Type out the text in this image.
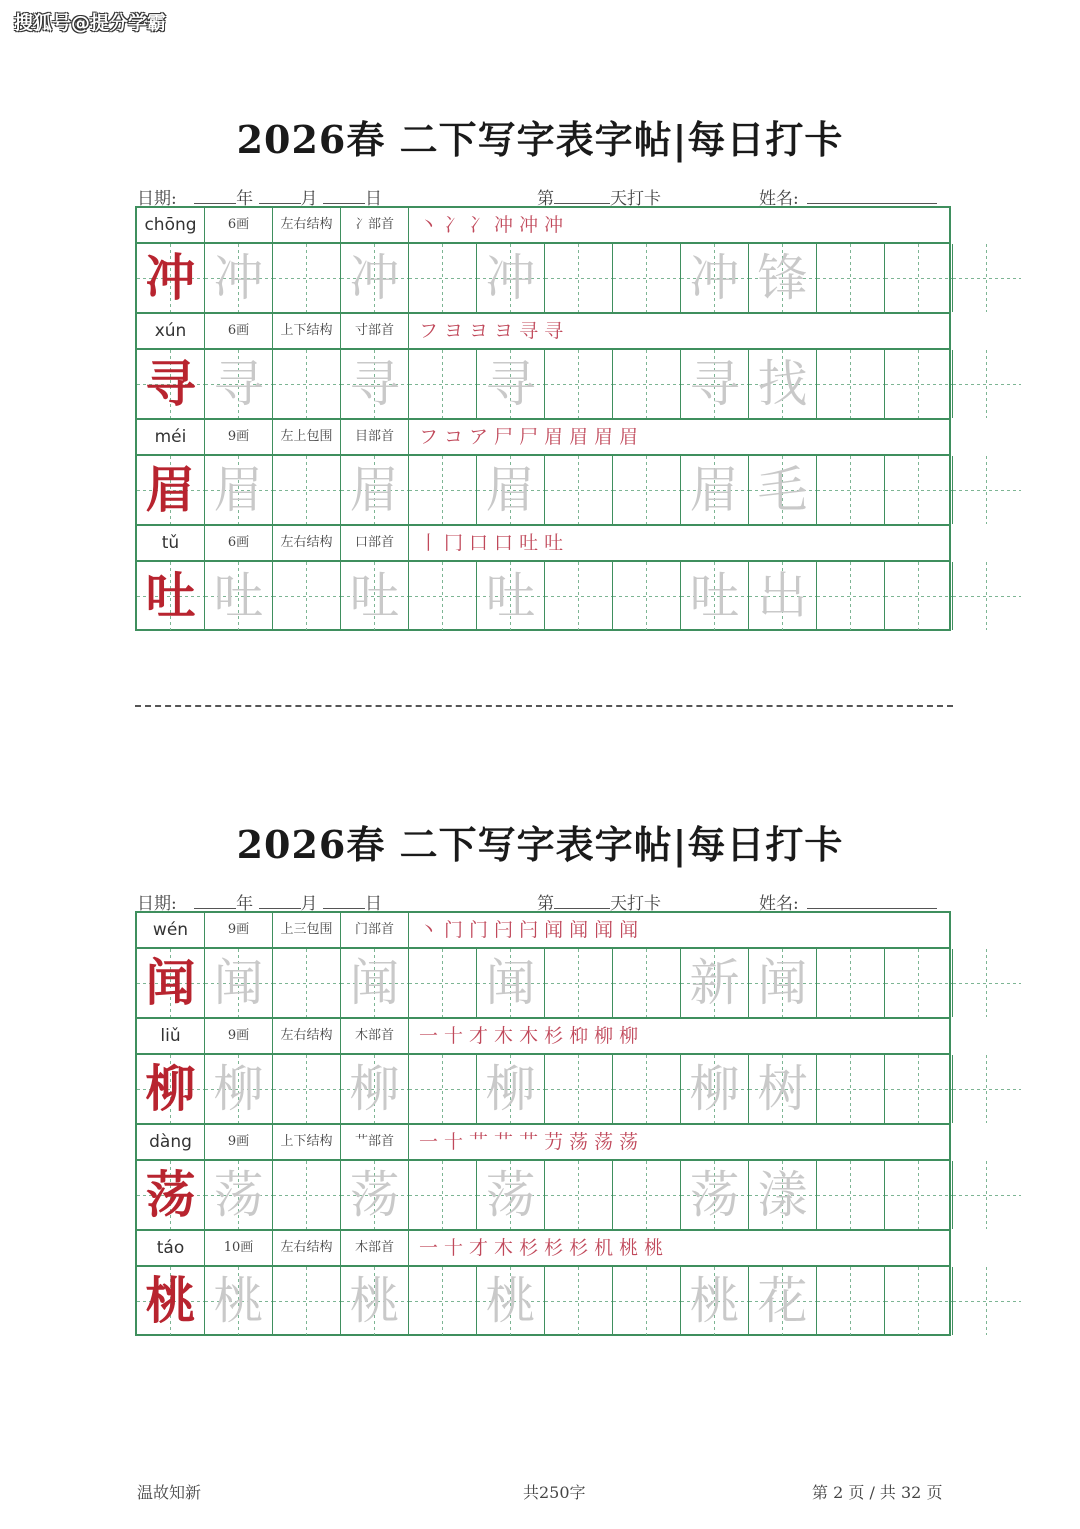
搜狐号@提分学霸
2026春 二下写字表字帖|每日打卡
日期:	年	月	日	第	天打卡	姓名:
chōng	6画	左右结构	冫部首	丶 冫 冫 冲 冲 冲
冲 冲 冲 冲	冲 锋
xún	6画	上下结构	寸部首	フ ヨ ヨ ヨ 寻 寻
寻 寻 寻 寻	寻 找
méi	9画	左上包围	目部首	フ コ ア 尸 尸 眉 眉 眉 眉
眉 眉 眉 眉	眉 毛
tǔ	6画	左右结构	口部首	丨 冂 口 口 吐 吐
吐 吐 吐 吐	吐 出
2026春 二下写字表字帖|每日打卡
日期:	年	月	日	第	天打卡	姓名:
wén	9画	上三包围	门部首	丶 门 门 闩 闩 闻 闻 闻 闻
闻 闻 闻 闻	新 闻
liǔ	9画	左右结构	木部首	一 十 才 木 木 杉 枊 柳 柳
柳 柳 柳 柳	柳 树
dàng	9画	上下结构	艹部首	一 十 艹 艹 艹 芀 荡 荡 荡
荡 荡 荡 荡	荡 漾
táo	10画	左右结构	木部首	一 十 才 木 杉 杉 杉 机 桃 桃
桃 桃 桃 桃	桃 花
温故知新	共250字	第 2 页 / 共 32 页
